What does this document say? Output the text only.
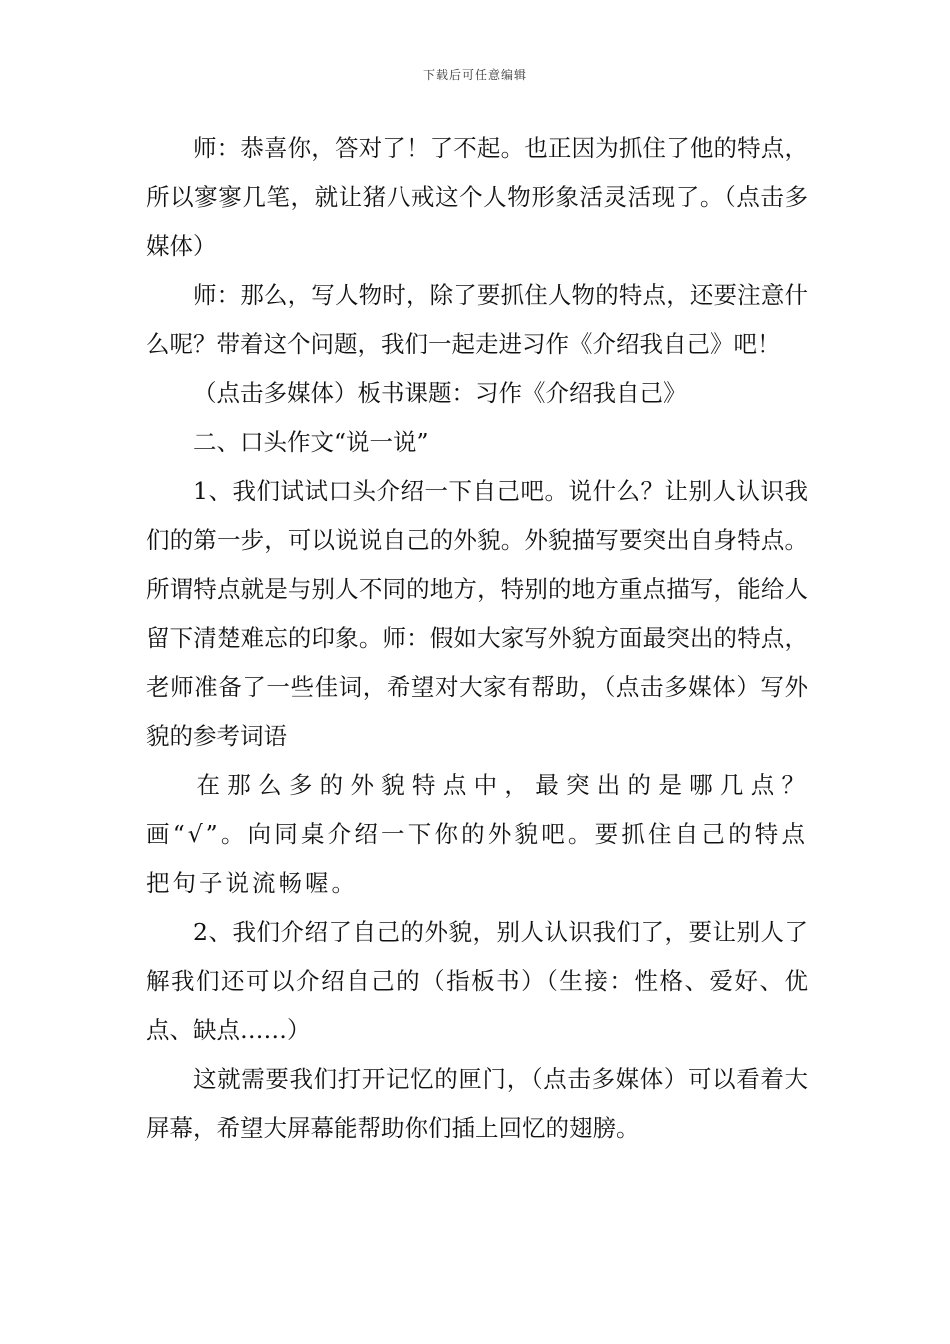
下载后可任意编辑

师：恭喜你，答对了！了不起。也正因为抓住了他的特点，所以寥寥几笔，就让猪八戒这个人物形象活灵活现了。（点击多媒体）

师：那么，写人物时，除了要抓住人物的特点，还要注意什么呢？带着这个问题，我们一起走进习作《介绍我自己》吧！

（点击多媒体）板书课题：习作《介绍我自己》

二、口头作文“说一说”

1、我们试试口头介绍一下自己吧。说什么？让别人认识我们的第一步，可以说说自己的外貌。外貌描写要突出自身特点。所谓特点就是与别人不同的地方，特别的地方重点描写，能给人留下清楚难忘的印象。师：假如大家写外貌方面最突出的特点，老师准备了一些佳词，希望对大家有帮助，（点击多媒体）写外貌的参考词语

在那么多的外貌特点中，最突出的是哪几点？画“√”。向同桌介绍一下你的外貌吧。要抓住自己的特点把句子说流畅喔。

2、我们介绍了自己的外貌，别人认识我们了，要让别人了解我们还可以介绍自己的（指板书）（生接：性格、爱好、优点、缺点……）

这就需要我们打开记忆的匣门，（点击多媒体）可以看着大屏幕，希望大屏幕能帮助你们插上回忆的翅膀。
